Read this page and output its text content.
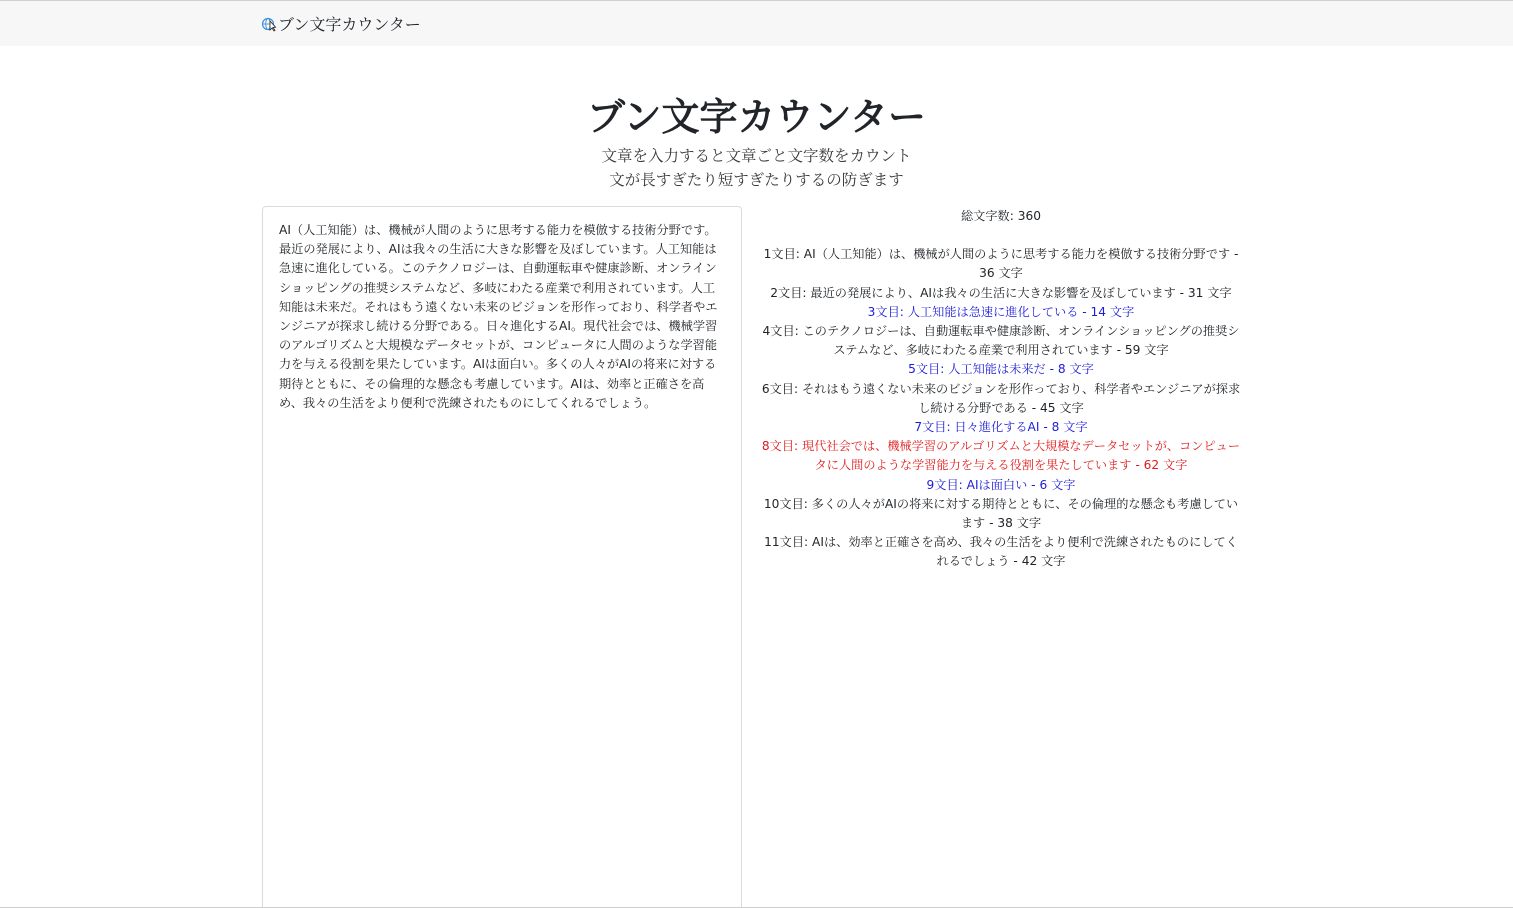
ブン文字カウンター
ブン文字カウンター

文章を入力すると文章ごと文字数をカウント

文が長すぎたり短すぎたりするの防ぎます

AI（人工知能）は、機械が人間のように思考する能力を模倣する技術分野です。最近の発展により、AIは我々の生活に大きな影響を及ぼしています。人工知能は急速に進化している。このテクノロジーは、自動運転車や健康診断、オンラインショッピングの推奨システムなど、多岐にわたる産業で利用されています。人工知能は未来だ。それはもう遠くない未来のビジョンを形作っており、科学者やエンジニアが探求し続ける分野である。日々進化するAI。現代社会では、機械学習のアルゴリズムと大規模なデータセットが、コンピュータに人間のような学習能力を与える役割を果たしています。AIは面白い。多くの人々がAIの将来に対する期待とともに、その倫理的な懸念も考慮しています。AIは、効率と正確さを高め、我々の生活をより便利で洗練されたものにしてくれるでしょう。
総文字数: 360

1文目: AI（人工知能）は、機械が人間のように思考する能力を模倣する技術分野です - 36 文字

2文目: 最近の発展により、AIは我々の生活に大きな影響を及ぼしています - 31 文字

3文目: 人工知能は急速に進化している - 14 文字

4文目: このテクノロジーは、自動運転車や健康診断、オンラインショッピングの推奨システムなど、多岐にわたる産業で利用されています - 59 文字

5文目: 人工知能は未来だ - 8 文字

6文目: それはもう遠くない未来のビジョンを形作っており、科学者やエンジニアが探求し続ける分野である - 45 文字

7文目: 日々進化するAI - 8 文字

8文目: 現代社会では、機械学習のアルゴリズムと大規模なデータセットが、コンピュータに人間のような学習能力を与える役割を果たしています - 62 文字

9文目: AIは面白い - 6 文字

10文目: 多くの人々がAIの将来に対する期待とともに、その倫理的な懸念も考慮しています - 38 文字

11文目: AIは、効率と正確さを高め、我々の生活をより便利で洗練されたものにしてくれるでしょう - 42 文字
